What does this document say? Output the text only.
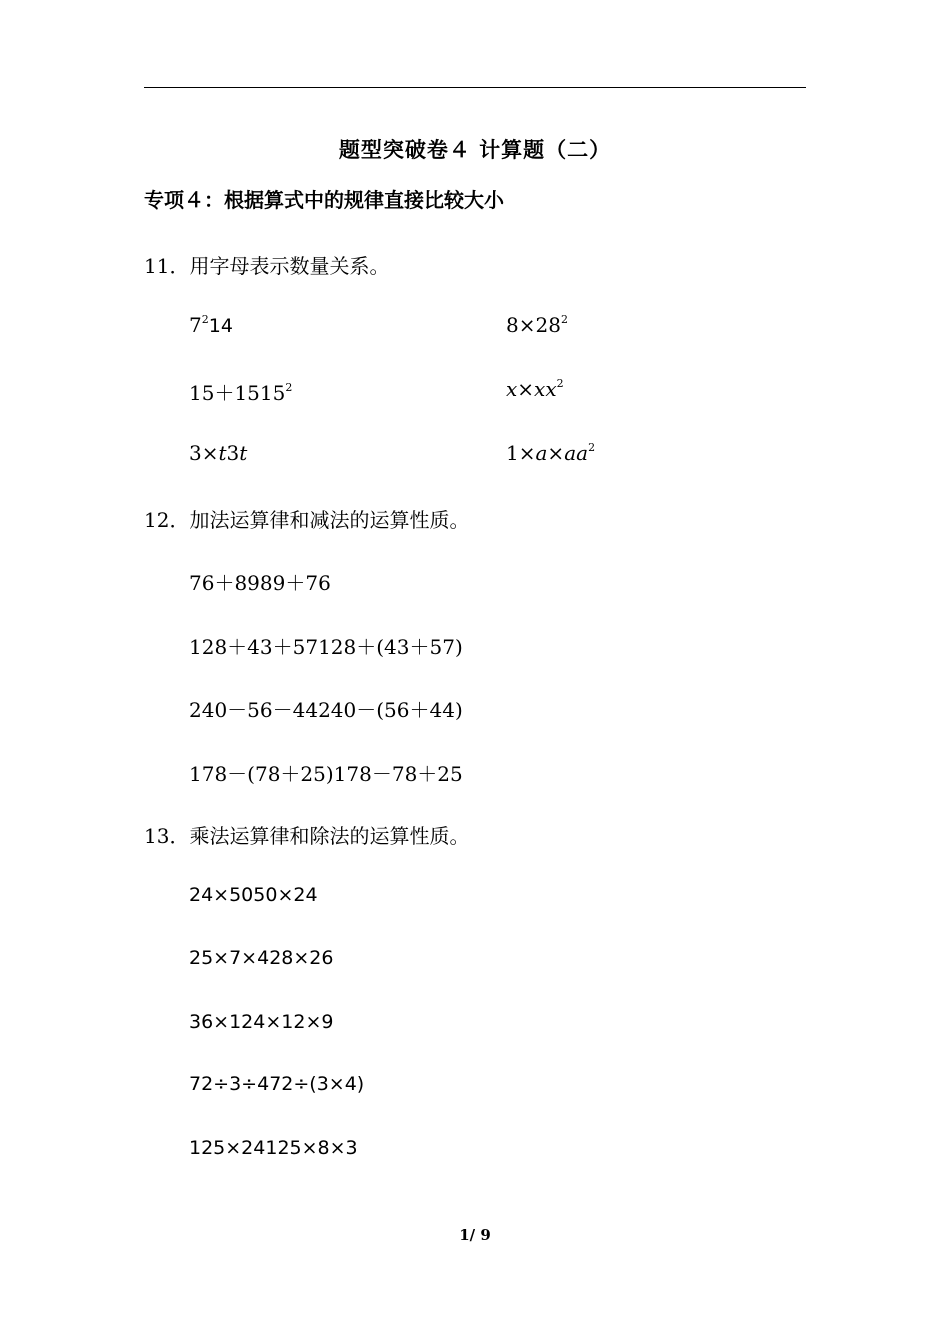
题型突破卷４ 计算题（二）
专项４：根据算式中的规律直接比较大小
11．用字母表示数量关系。
$7^214$	$8\times 28^2$
$15+1515^2$	$x\times xx^2$
3×t3t	$1\times a\times aa^2$
12．加法运算律和减法的运算性质。
76＋8989＋76
128＋43＋57128＋(43＋57)
240－56－44240－(56＋44)
178－(78＋25)178－78＋25
13．乘法运算律和除法的运算性质。
24×5050×24
25×7×428×26
36×124×12×9
72÷3÷472÷(3×4)
125×24125×8×3
1/ 9
